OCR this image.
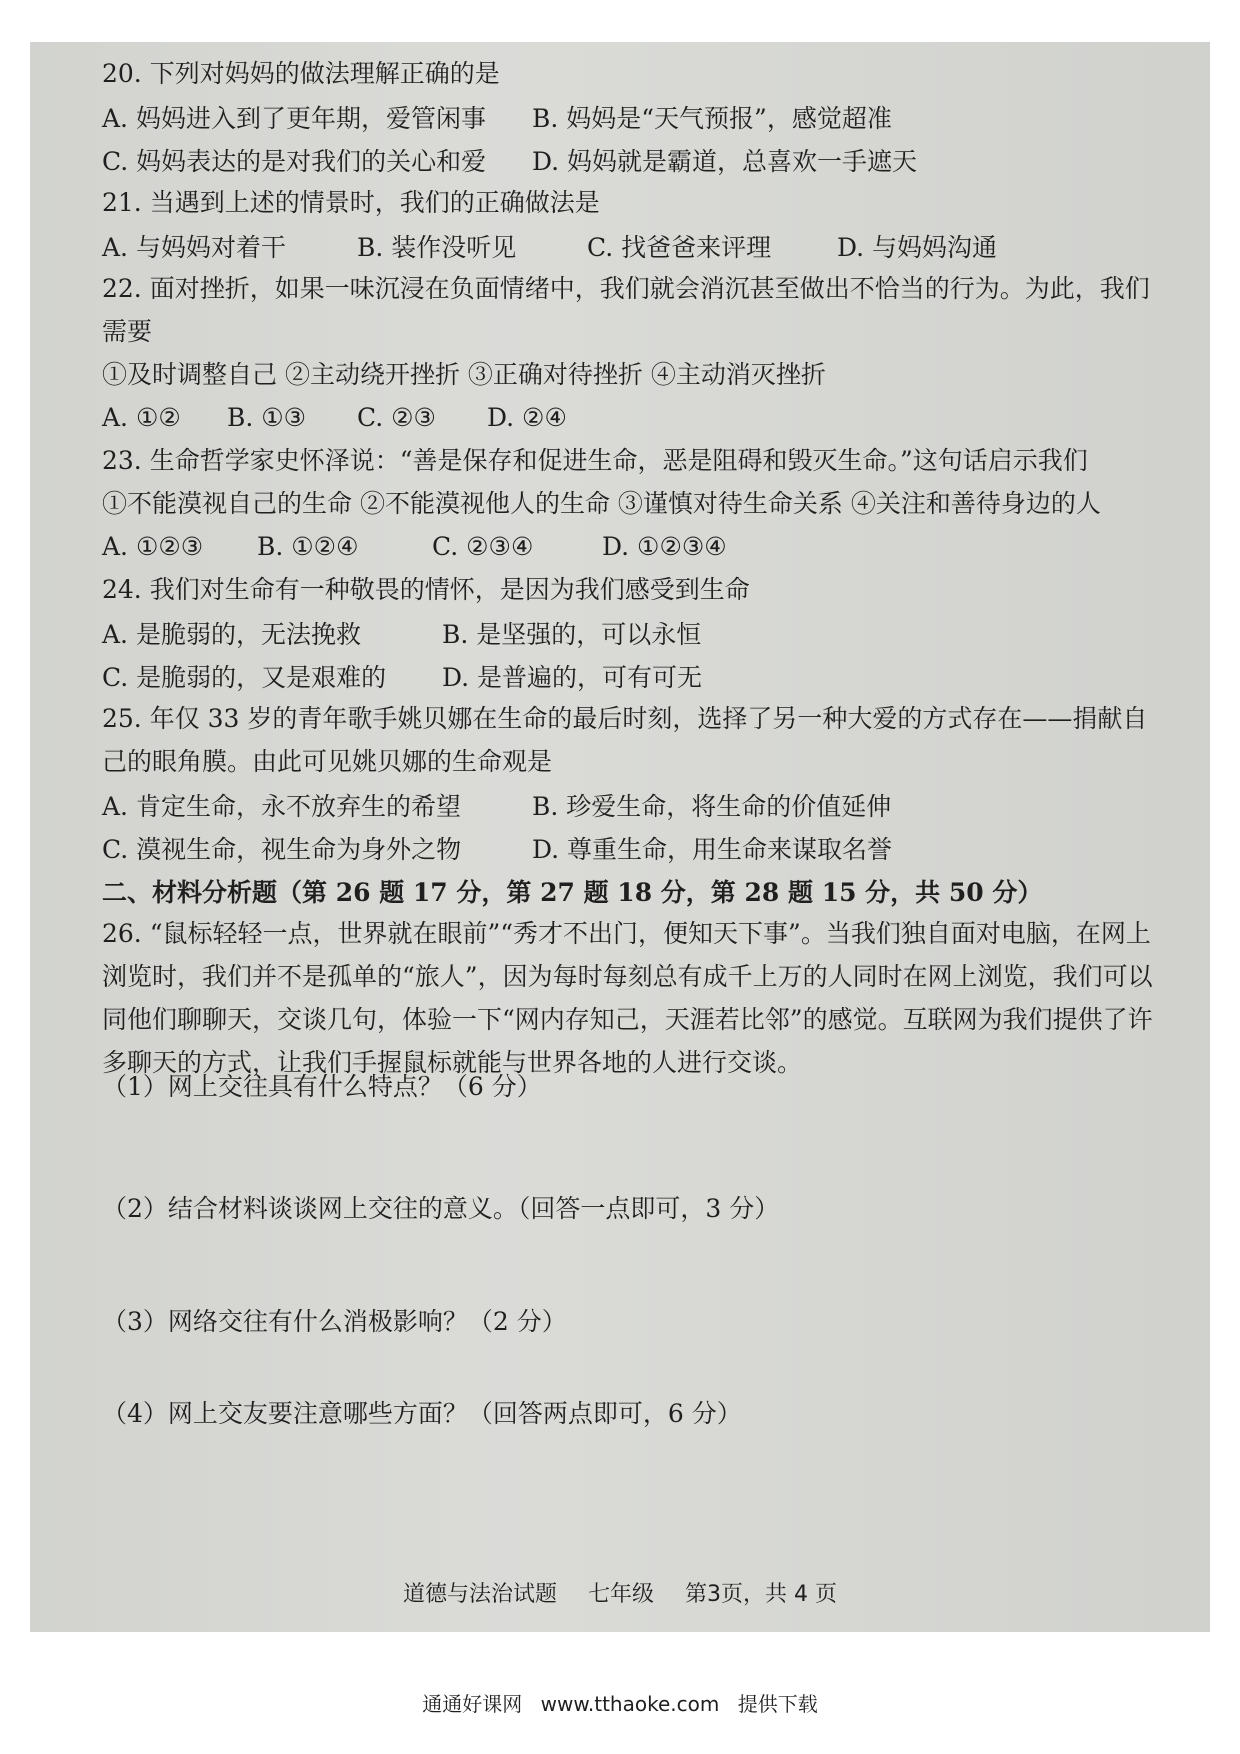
20. 下列对妈妈的做法理解正确的是
A. 妈妈进入到了更年期，爱管闲事	B. 妈妈是“天气预报”，感觉超准
C. 妈妈表达的是对我们的关心和爱	D. 妈妈就是霸道，总喜欢一手遮天
21. 当遇到上述的情景时，我们的正确做法是
A. 与妈妈对着干	B. 装作没听见	C. 找爸爸来评理	D. 与妈妈沟通

22. 面对挫折，如果一味沉浸在负面情绪中，我们就会消沉甚至做出不恰当的行为。为此，我们需要

①及时调整自己 ②主动绕开挫折 ③正确对待挫折 ④主动消灭挫折
A. ①②	B. ①③	C. ②③	D. ②④

23. 生命哲学家史怀泽说：“善是保存和促进生命，恶是阻碍和毁灭生命。”这句话启示我们

①不能漠视自己的生命 ②不能漠视他人的生命 ③谨慎对待生命关系 ④关注和善待身边的人

A. ①②③	B. ①②④	C. ②③④	D. ①②③④
24. 我们对生命有一种敬畏的情怀，是因为我们感受到生命
A. 是脆弱的，无法挽救	B. 是坚强的，可以永恒
C. 是脆弱的，又是艰难的	D. 是普遍的，可有可无

25. 年仅 33 岁的青年歌手姚贝娜在生命的最后时刻，选择了另一种大爱的方式存在——捐献自己的眼角膜。由此可见姚贝娜的生命观是

A. 肯定生命，永不放弃生的希望	B. 珍爱生命，将生命的价值延伸
C. 漠视生命，视生命为身外之物	D. 尊重生命，用生命来谋取名誉
二、材料分析题（第 26 题 17 分，第 27 题 18 分，第 28 题 15 分，共 50 分）

26. “鼠标轻轻一点，世界就在眼前”“秀才不出门，便知天下事”。当我们独自面对电脑，在网上浏览时，我们并不是孤单的“旅人”，因为每时每刻总有成千上万的人同时在网上浏览，我们可以同他们聊聊天，交谈几句，体验一下“网内存知己，天涯若比邻”的感觉。互联网为我们提供了许多聊天的方式，让我们手握鼠标就能与世界各地的人进行交谈。

（1）网上交往具有什么特点？（6 分）
（2）结合材料谈谈网上交往的意义。（回答一点即可，3 分）
（3）网络交往有什么消极影响？（2 分）
（4）网上交友要注意哪些方面？（回答两点即可，6 分）
道德与法治试题 七年级 第3页，共 4 页
通通好课网 www.tthaoke.com 提供下载
